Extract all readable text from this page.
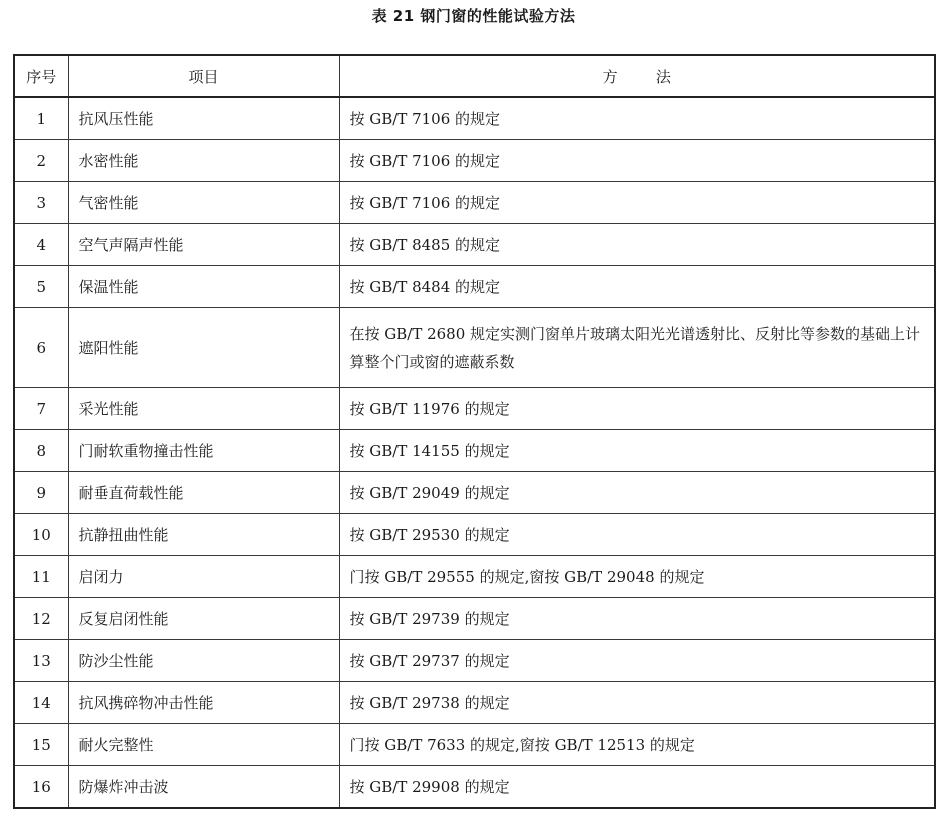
表 21 钢门窗的性能试验方法
序号	项目	方        法
1	抗风压性能	按 GB/T 7106 的规定
2	水密性能	按 GB/T 7106 的规定
3	气密性能	按 GB/T 7106 的规定
4	空气声隔声性能	按 GB/T 8485 的规定
5	保温性能	按 GB/T 8484 的规定
6	遮阳性能	在按 GB/T 2680 规定实测门窗单片玻璃太阳光光谱透射比、反射比等参数的基础上计算整个门或窗的遮蔽系数
7	采光性能	按 GB/T 11976 的规定
8	门耐软重物撞击性能	按 GB/T 14155 的规定
9	耐垂直荷载性能	按 GB/T 29049 的规定
10	抗静扭曲性能	按 GB/T 29530 的规定
11	启闭力	门按 GB/T 29555 的规定,窗按 GB/T 29048 的规定
12	反复启闭性能	按 GB/T 29739 的规定
13	防沙尘性能	按 GB/T 29737 的规定
14	抗风携碎物冲击性能	按 GB/T 29738 的规定
15	耐火完整性	门按 GB/T 7633 的规定,窗按 GB/T 12513 的规定
16	防爆炸冲击波	按 GB/T 29908 的规定
